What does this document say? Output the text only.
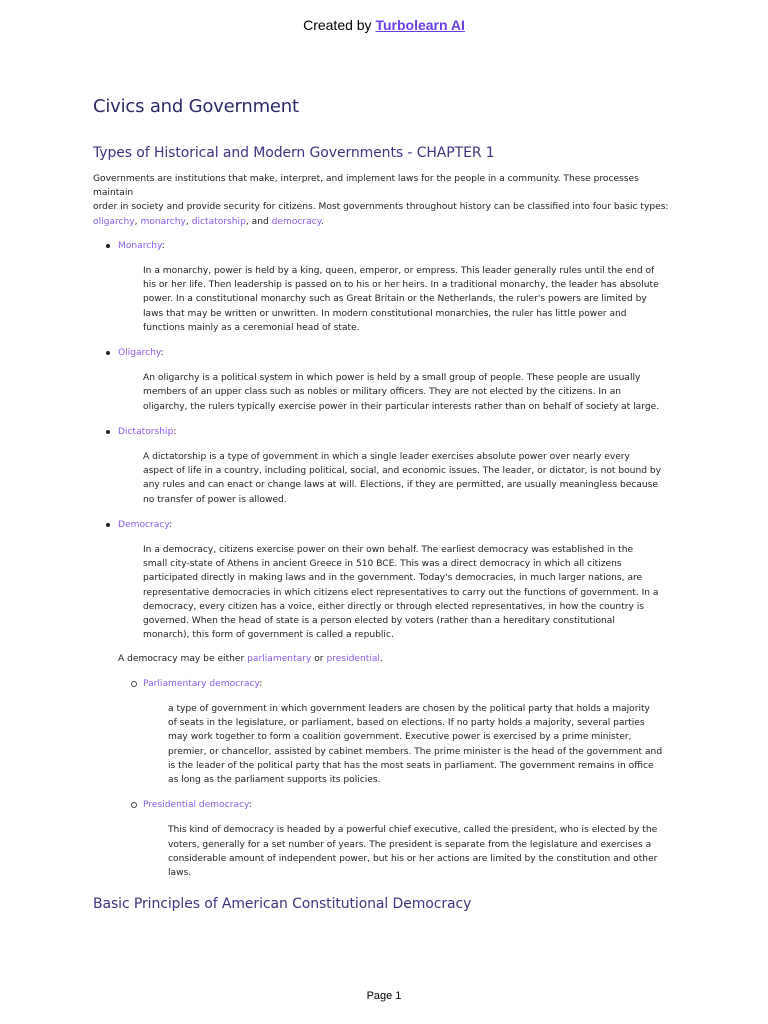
Created by Turbolearn AI
Civics and Government
Types of Historical and Modern Governments - CHAPTER 1
Governments are institutions that make, interpret, and implement laws for the people in a community. These processes maintain
order in society and provide security for citizens. Most governments throughout history can be classified into four basic types:
oligarchy, monarchy, dictatorship, and democracy.

Monarchy:

In a monarchy, power is held by a king, queen, emperor, or empress. This leader generally rules until the end of
his or her life. Then leadership is passed on to his or her heirs. In a traditional monarchy, the leader has absolute
power. In a constitutional monarchy such as Great Britain or the Netherlands, the ruler's powers are limited by
laws that may be written or unwritten. In modern constitutional monarchies, the ruler has little power and
functions mainly as a ceremonial head of state.

Oligarchy:

An oligarchy is a political system in which power is held by a small group of people. These people are usually
members of an upper class such as nobles or military officers. They are not elected by the citizens. In an
oligarchy, the rulers typically exercise power in their particular interests rather than on behalf of society at large.

Dictatorship:

A dictatorship is a type of government in which a single leader exercises absolute power over nearly every
aspect of life in a country, including political, social, and economic issues. The leader, or dictator, is not bound by
any rules and can enact or change laws at will. Elections, if they are permitted, are usually meaningless because
no transfer of power is allowed.

Democracy:

In a democracy, citizens exercise power on their own behalf. The earliest democracy was established in the
small city-state of Athens in ancient Greece in 510 BCE. This was a direct democracy in which all citizens
participated directly in making laws and in the government. Today's democracies, in much larger nations, are
representative democracies in which citizens elect representatives to carry out the functions of government. In a
democracy, every citizen has a voice, either directly or through elected representatives, in how the country is
governed. When the head of state is a person elected by voters (rather than a hereditary constitutional
monarch), this form of government is called a republic.

A democracy may be either parliamentary or presidential.

Parliamentary democracy:

a type of government in which government leaders are chosen by the political party that holds a majority
of seats in the legislature, or parliament, based on elections. If no party holds a majority, several parties
may work together to form a coalition government. Executive power is exercised by a prime minister,
premier, or chancellor, assisted by cabinet members. The prime minister is the head of the government and
is the leader of the political party that has the most seats in parliament. The government remains in office
as long as the parliament supports its policies.

Presidential democracy:

This kind of democracy is headed by a powerful chief executive, called the president, who is elected by the
voters, generally for a set number of years. The president is separate from the legislature and exercises a
considerable amount of independent power, but his or her actions are limited by the constitution and other
laws.
Basic Principles of American Constitutional Democracy
Page 1
